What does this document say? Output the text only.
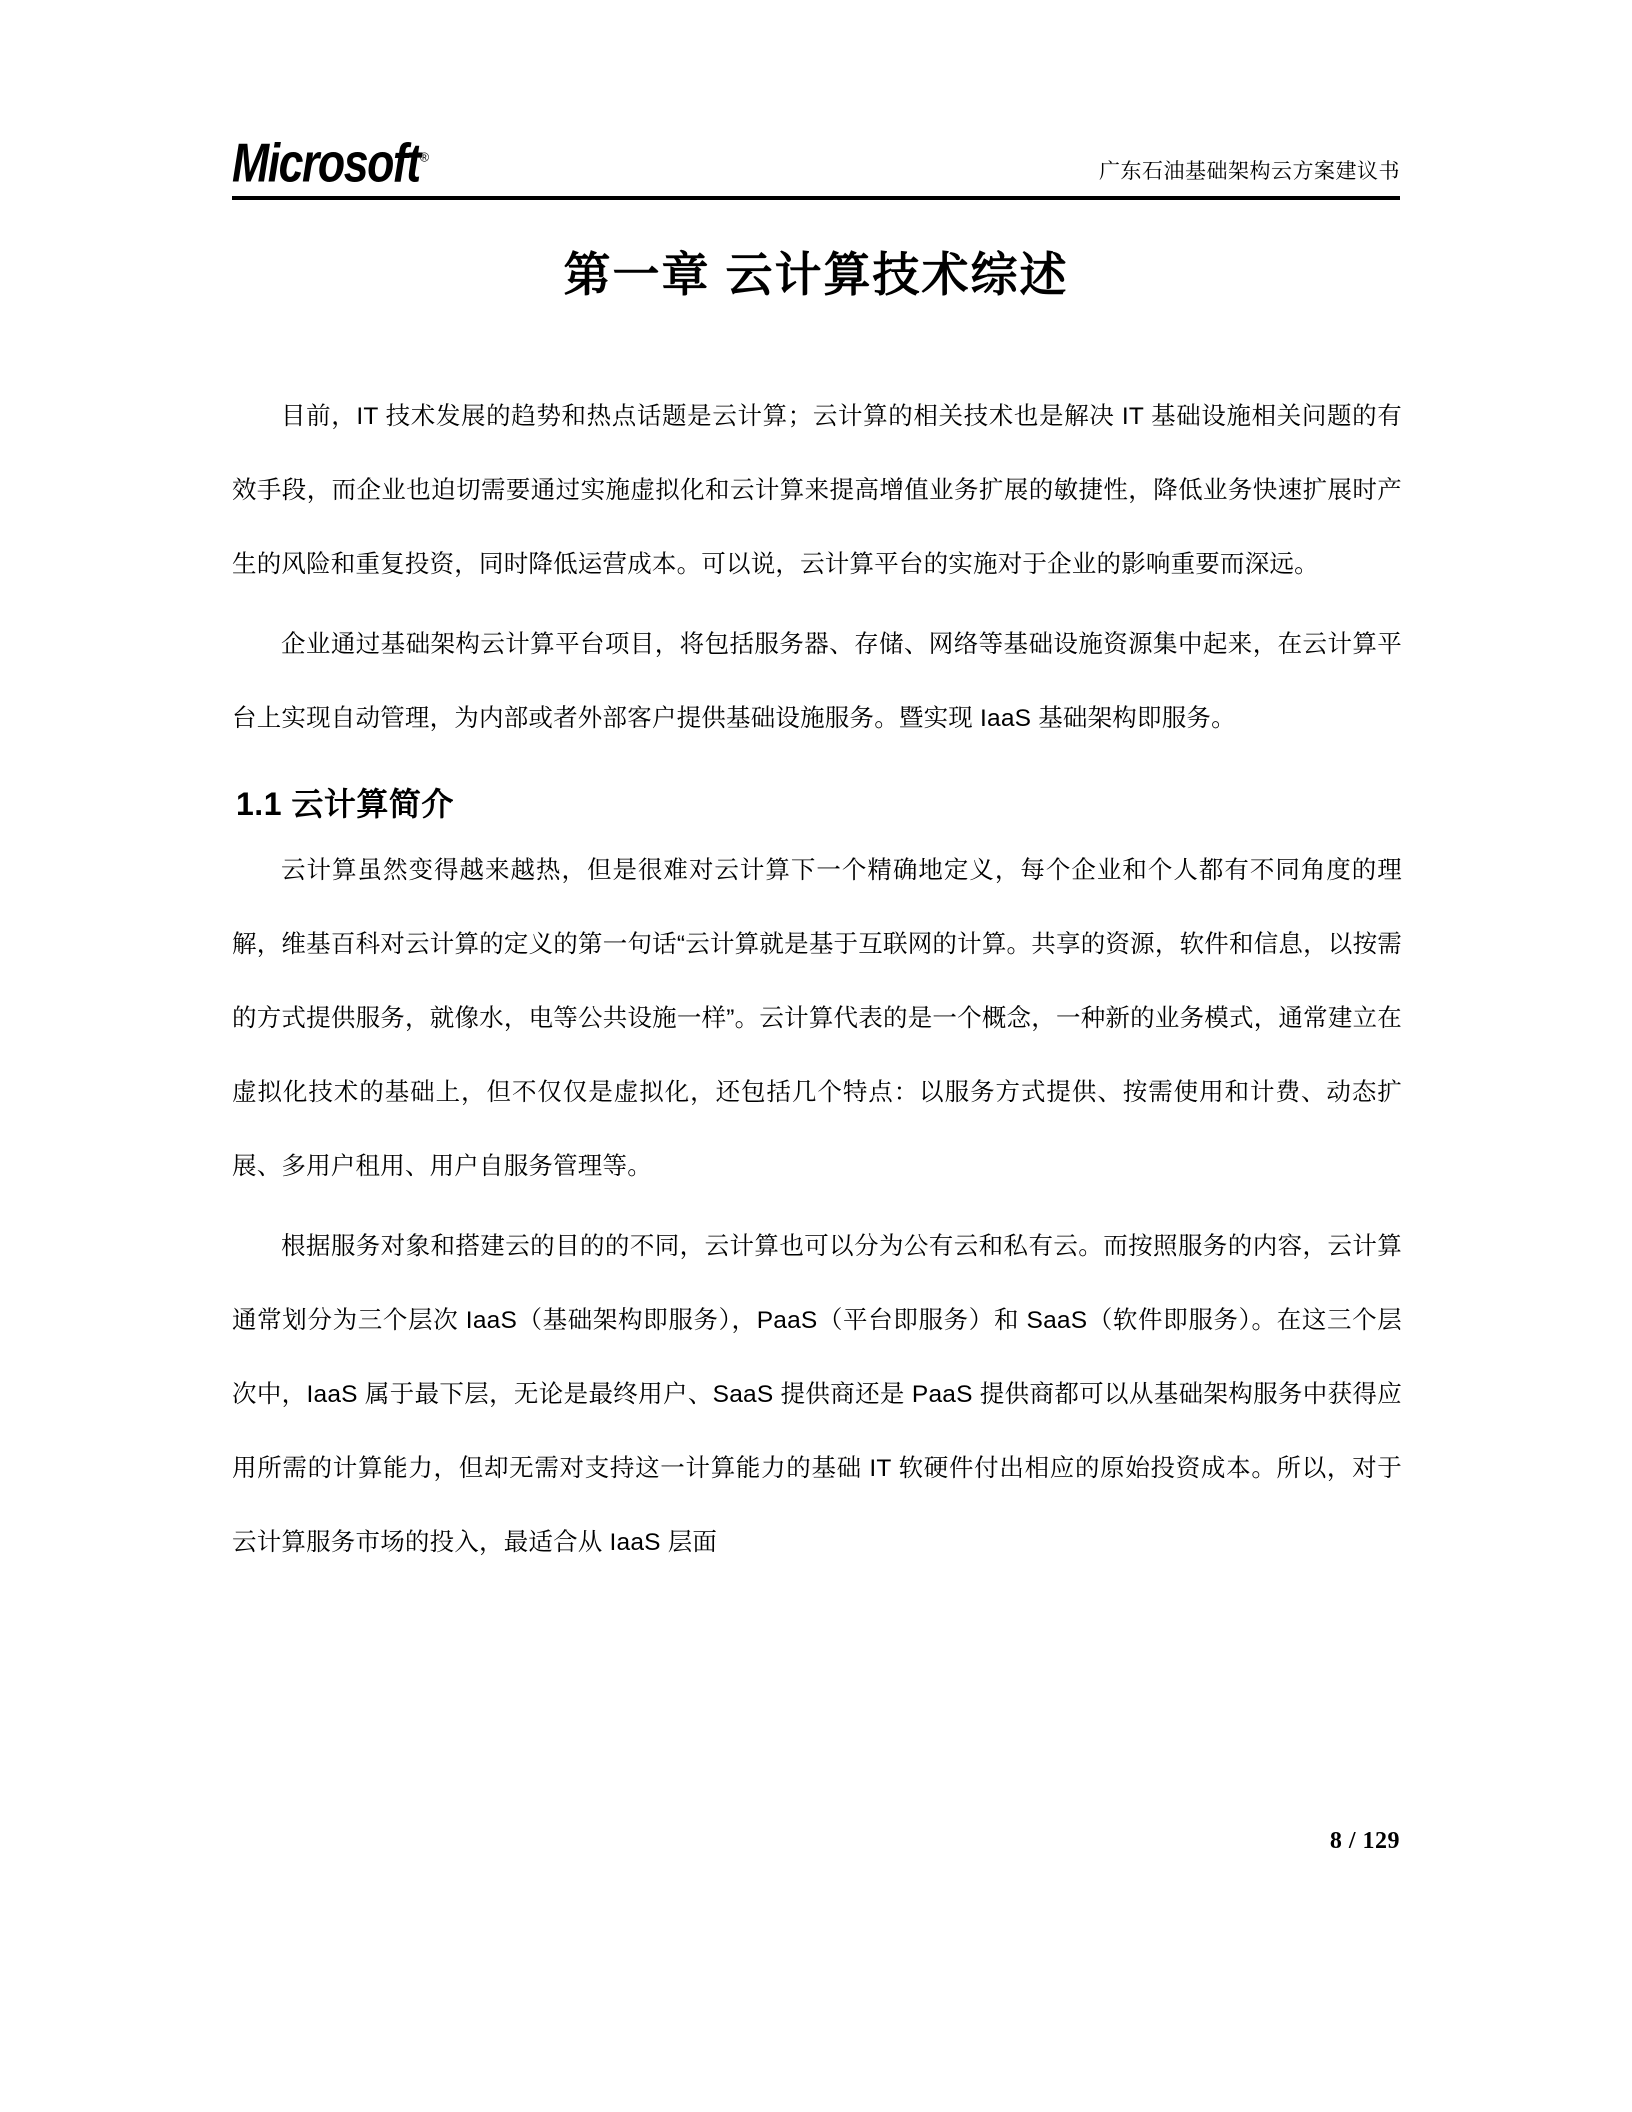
Microsoft®
广东石油基础架构云方案建议书
第一章 云计算技术综述

目前，IT 技术发展的趋势和热点话题是云计算；云计算的相关技术也是解决 IT 基础设施相关问题的有效手段，而企业也迫切需要通过实施虚拟化和云计算来提高增值业务扩展的敏捷性，降低业务快速扩展时产生的风险和重复投资，同时降低运营成本。可以说，云计算平台的实施对于企业的影响重要而深远。

企业通过基础架构云计算平台项目，将包括服务器、存储、网络等基础设施资源集中起来，在云计算平台上实现自动管理，为内部或者外部客户提供基础设施服务。暨实现 IaaS 基础架构即服务。

1.1 云计算简介

云计算虽然变得越来越热，但是很难对云计算下一个精确地定义，每个企业和个人都有不同角度的理解，维基百科对云计算的定义的第一句话“云计算就是基于互联网的计算。共享的资源，软件和信息，以按需的方式提供服务，就像水，电等公共设施一样”。云计算代表的是一个概念，一种新的业务模式，通常建立在虚拟化技术的基础上，但不仅仅是虚拟化，还包括几个特点：以服务方式提供、按需使用和计费、动态扩展、多用户租用、用户自服务管理等。

根据服务对象和搭建云的目的的不同，云计算也可以分为公有云和私有云。而按照服务的内容，云计算通常划分为三个层次 IaaS（基础架构即服务），PaaS（平台即服务）和 SaaS（软件即服务）。在这三个层次中，IaaS 属于最下层，无论是最终用户、SaaS 提供商还是 PaaS 提供商都可以从基础架构服务中获得应用所需的计算能力，但却无需对支持这一计算能力的基础 IT 软硬件付出相应的原始投资成本。所以，对于云计算服务市场的投入，最适合从 IaaS 层面

8 / 129
